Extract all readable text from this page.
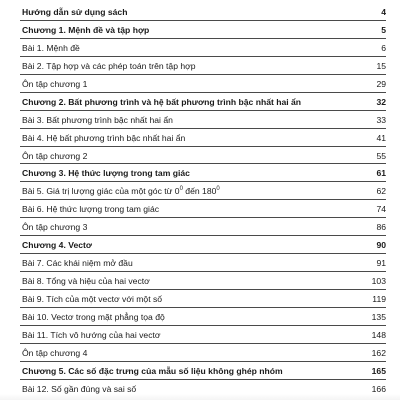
Hướng dẫn sử dụng sách	4
Chương 1. Mệnh đề và tập hợp	5
Bài 1. Mệnh đề	6
Bài 2. Tập hợp và các phép toán trên tập hợp	15
Ôn tập chương 1	29
Chương 2. Bất phương trình và hệ bất phương trình bậc nhất hai ẩn	32
Bài 3. Bất phương trình bậc nhất hai ẩn	33
Bài 4. Hệ bất phương trình bậc nhất hai ẩn	41
Ôn tập chương 2	55
Chương 3. Hệ thức lượng trong tam giác	61
Bài 5. Giá trị lượng giác của một góc từ $0^0$ đến $180^0$	62
Bài 6. Hệ thức lượng trong tam giác	74
Ôn tập chương 3	86
Chương 4. Vectơ	90
Bài 7. Các khái niệm mở đầu	91
Bài 8. Tổng và hiệu của hai vectơ	103
Bài 9. Tích của một vectơ với một số	119
Bài 10. Vectơ trong mặt phẳng tọa độ	135
Bài 11. Tích vô hướng của hai vectơ	148
Ôn tập chương 4	162
Chương 5. Các số đặc trưng của mẫu số liệu không ghép nhóm	165
Bài 12. Số gần đúng và sai số	166
